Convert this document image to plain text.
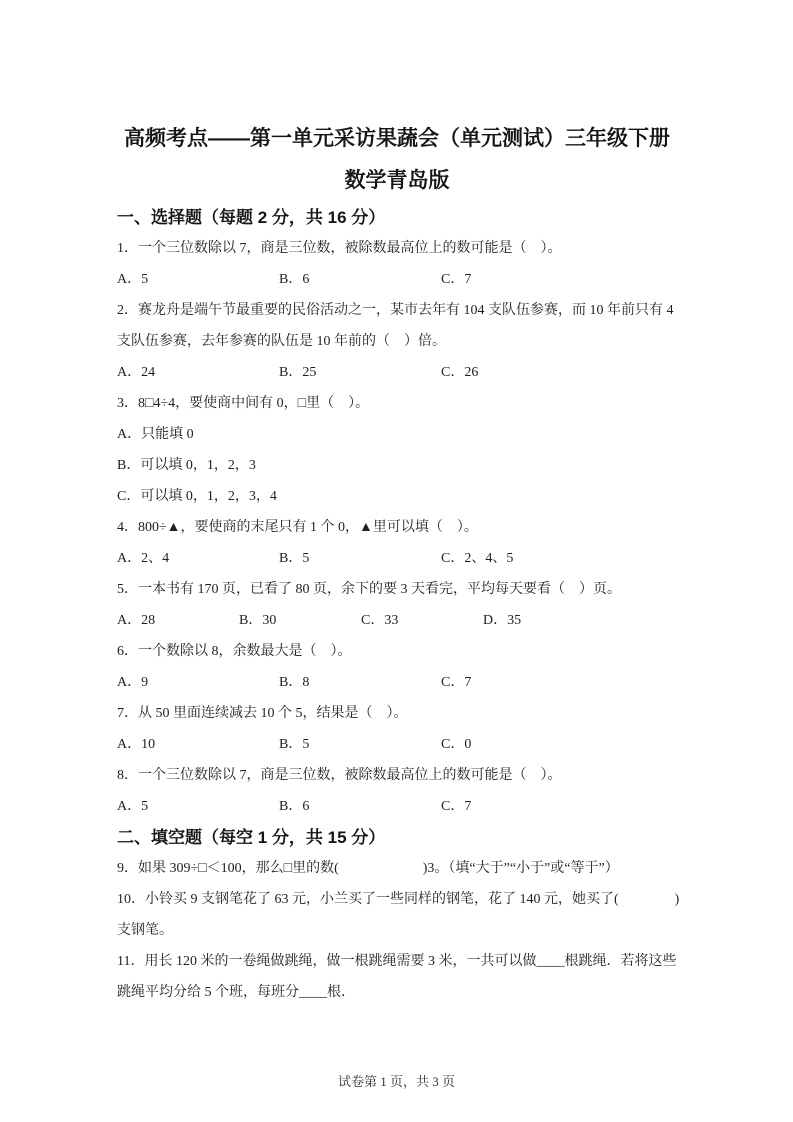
高频考点——第一单元采访果蔬会（单元测试）三年级下册
数学青岛版
一、选择题（每题 2 分，共 16 分）
1．一个三位数除以 7，商是三位数，被除数最高位上的数可能是（　）。
A．5	B．6	C．7
2．赛龙舟是端午节最重要的民俗活动之一，某市去年有 104 支队伍参赛，而 10 年前只有 4
支队伍参赛，去年参赛的队伍是 10 年前的（　）倍。
A．24	B．25	C．26
3．8□4÷4，要使商中间有 0，□里（　）。
A．只能填 0
B．可以填 0，1，2，3
C．可以填 0，1，2，3，4
4．800÷▲，要使商的末尾只有 1 个 0，▲里可以填（　）。
A．2、4	B．5	C．2、4、5
5．一本书有 170 页，已看了 80 页，余下的要 3 天看完，平均每天要看（　）页。
A．28	B．30	C．33	D．35
6．一个数除以 8，余数最大是（　）。
A．9	B．8	C．7
7．从 50 里面连续减去 10 个 5，结果是（　）。
A．10	B．5	C．0
8．一个三位数除以 7，商是三位数，被除数最高位上的数可能是（　）。
A．5	B．6	C．7
二、填空题（每空 1 分，共 15 分）
9．如果 309÷□＜100，那么□里的数(　　　　　　)3。（填“大于”“小于”或“等于”）
10．小铃买 9 支钢笔花了 63 元，小兰买了一些同样的钢笔，花了 140 元，她买了(　　　　)
支钢笔。
11．用长 120 米的一卷绳做跳绳，做一根跳绳需要 3 米，一共可以做____根跳绳．若将这些
跳绳平均分给 5 个班，每班分____根．
试卷第 1 页，共 3 页
